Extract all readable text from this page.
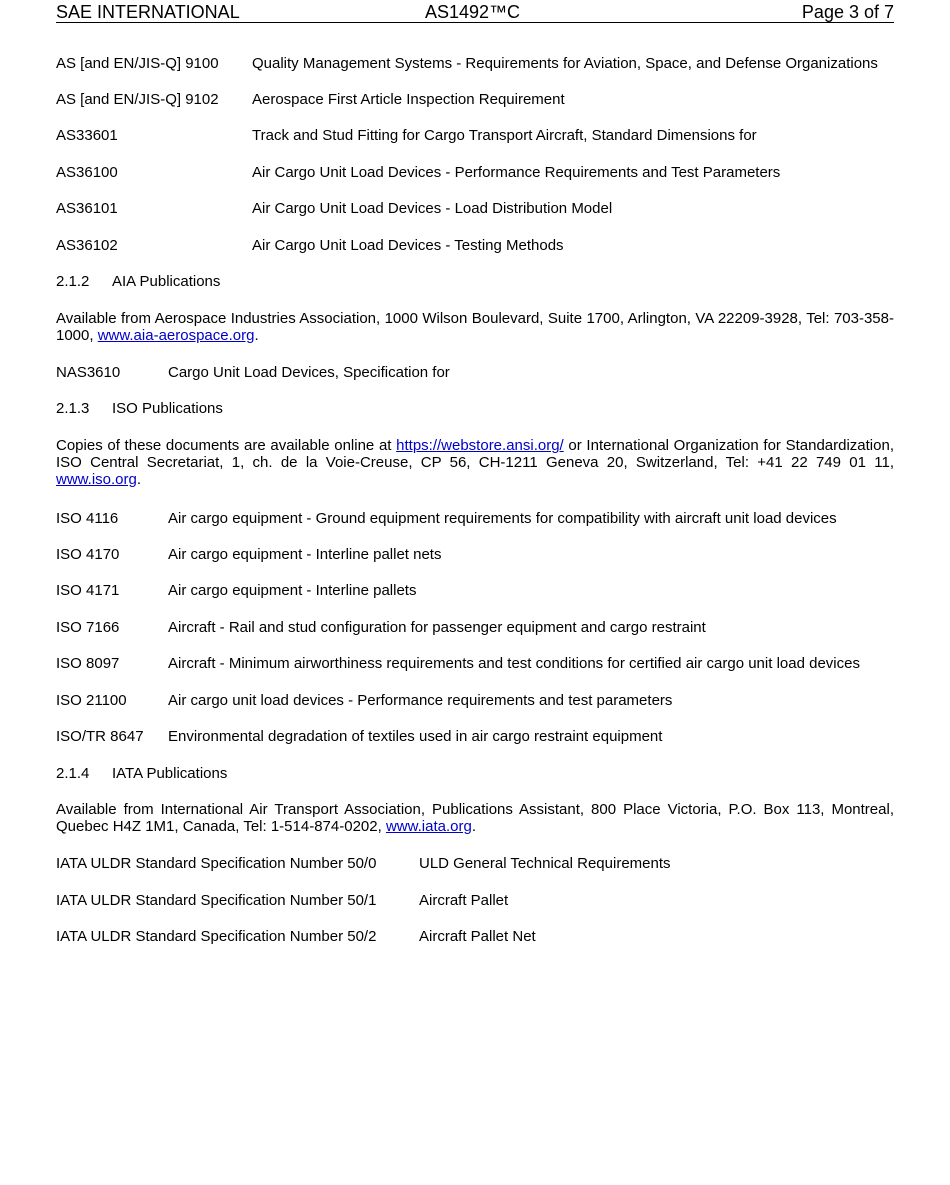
SAE INTERNATIONAL	AS1492™C	Page 3 of 7
AS [and EN/JIS-Q] 9100 Quality Management Systems - Requirements for Aviation, Space, and Defense Organizations
AS [and EN/JIS-Q] 9102 Aerospace First Article Inspection Requirement
AS33601	Track and Stud Fitting for Cargo Transport Aircraft, Standard Dimensions for
AS36100	Air Cargo Unit Load Devices - Performance Requirements and Test Parameters
AS36101	Air Cargo Unit Load Devices - Load Distribution Model
AS36102	Air Cargo Unit Load Devices - Testing Methods
2.1.2 AIA Publications
Available from Aerospace Industries Association, 1000 Wilson Boulevard, Suite 1700, Arlington, VA 22209-3928, Tel: 703-358-1000, www.aia-aerospace.org.
NAS3610	Cargo Unit Load Devices, Specification for
2.1.3 ISO Publications
Copies of these documents are available online at https://webstore.ansi.org/ or International Organization for Standardization, ISO Central Secretariat, 1, ch. de la Voie-Creuse, CP 56, CH-1211 Geneva 20, Switzerland, Tel: +41 22 749 01 11, www.iso.org.
ISO 4116	Air cargo equipment - Ground equipment requirements for compatibility with aircraft unit load devices
ISO 4170	Air cargo equipment - Interline pallet nets
ISO 4171	Air cargo equipment - Interline pallets
ISO 7166	Aircraft - Rail and stud configuration for passenger equipment and cargo restraint
ISO 8097	Aircraft - Minimum airworthiness requirements and test conditions for certified air cargo unit load devices
ISO 21100	Air cargo unit load devices - Performance requirements and test parameters
ISO/TR 8647 Environmental degradation of textiles used in air cargo restraint equipment
2.1.4 IATA Publications
Available from International Air Transport Association, Publications Assistant, 800 Place Victoria, P.O. Box 113, Montreal, Quebec H4Z 1M1, Canada, Tel: 1-514-874-0202, www.iata.org.
IATA ULDR Standard Specification Number 50/0	ULD General Technical Requirements
IATA ULDR Standard Specification Number 50/1	Aircraft Pallet
IATA ULDR Standard Specification Number 50/2	Aircraft Pallet Net
